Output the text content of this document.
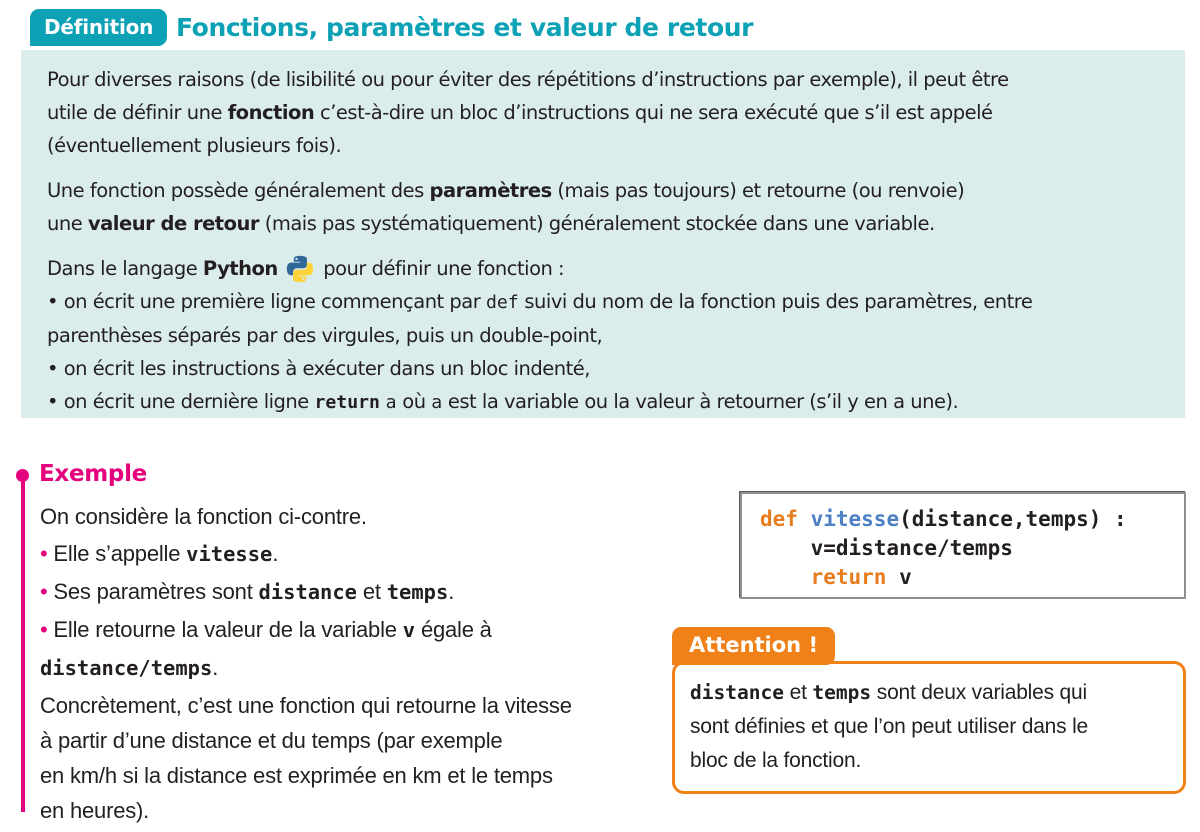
Définition Fonctions, paramètres et valeur de retour
Pour diverses raisons (de lisibilité ou pour éviter des répétitions d’instructions par exemple), il peut être
utile de définir une fonction c’est-à-dire un bloc d’instructions qui ne sera exécuté que s’il est appelé
(éventuellement plusieurs fois).
Une fonction possède généralement des paramètres (mais pas toujours) et retourne (ou renvoie)
une valeur de retour (mais pas systématiquement) généralement stockée dans une variable.
Dans le langage Python  pour définir une fonction :
• on écrit une première ligne commençant par def suivi du nom de la fonction puis des paramètres, entre
parenthèses séparés par des virgules, puis un double-point,
• on écrit les instructions à exécuter dans un bloc indenté,
• on écrit une dernière ligne return a où a est la variable ou la valeur à retourner (s’il y en a une).
Exemple
On considère la fonction ci-contre.
• Elle s’appelle vitesse.
• Ses paramètres sont distance et temps.
• Elle retourne la valeur de la variable v égale à
distance/temps.
Concrètement, c’est une fonction qui retourne la vitesse
à partir d’une distance et du temps (par exemple
en km/h si la distance est exprimée en km et le temps
en heures).
def vitesse(distance,temps) :
v=distance/temps
return v
Attention !
distance et temps sont deux variables qui
sont définies et que l’on peut utiliser dans le
bloc de la fonction.
